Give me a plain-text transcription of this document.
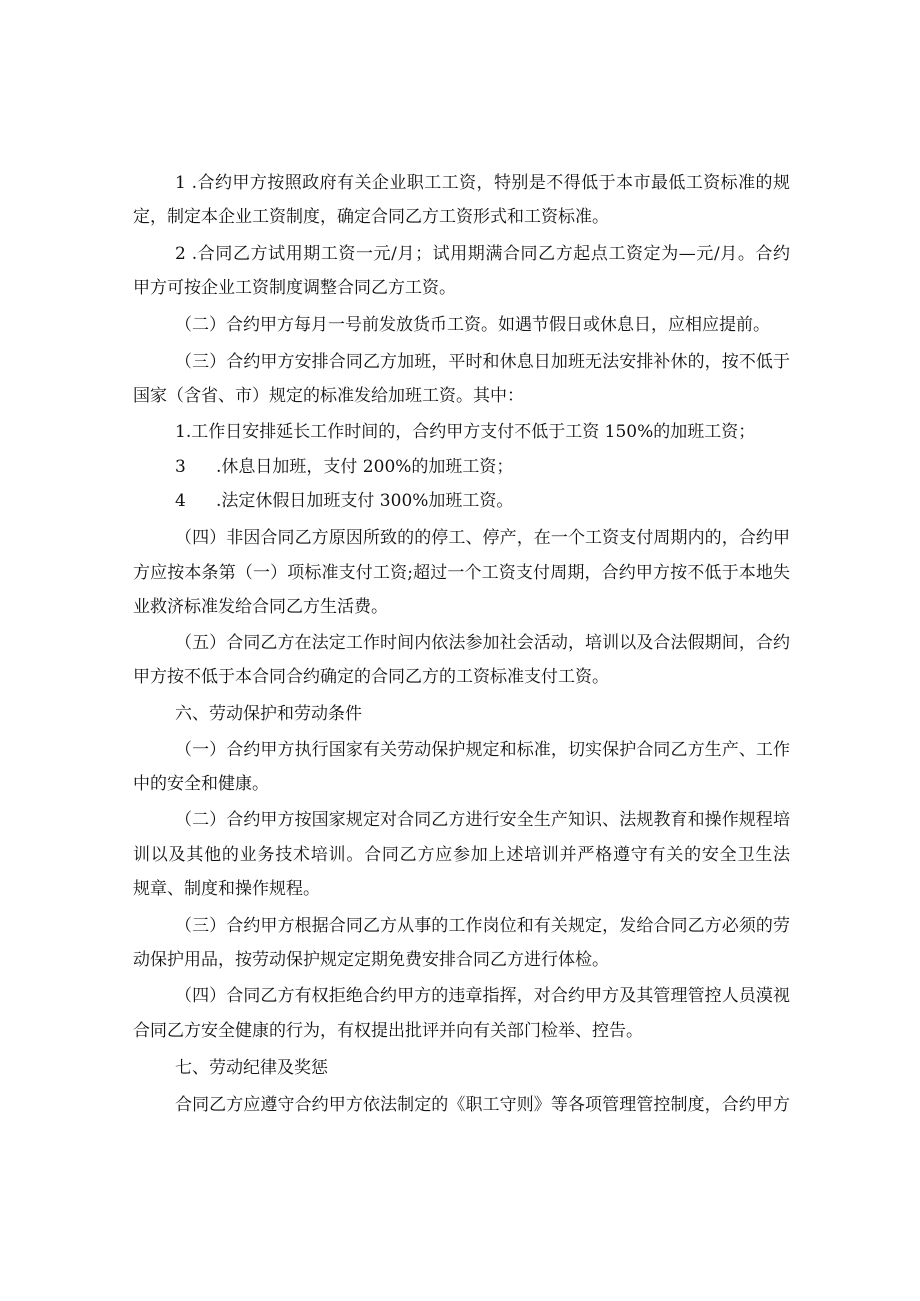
1 .合约甲方按照政府有关企业职工工资，特别是不得低于本市最低工资标准的规
定，制定本企业工资制度，确定合同乙方工资形式和工资标准。
2 .合同乙方试用期工资一元/月；试用期满合同乙方起点工资定为—元/月。合约
甲方可按企业工资制度调整合同乙方工资。
（二）合约甲方每月一号前发放货币工资。如遇节假日或休息日，应相应提前。
（三）合约甲方安排合同乙方加班，平时和休息日加班无法安排补休的，按不低于
国家（含省、市）规定的标准发给加班工资。其中：
1.工作日安排延长工作时间的，合约甲方支付不低于工资 150%的加班工资；
3 .休息日加班，支付 200%的加班工资；
4 .法定休假日加班支付 300%加班工资。
（四）非因合同乙方原因所致的的停工、停产，在一个工资支付周期内的，合约甲
方应按本条第（一）项标准支付工资;超过一个工资支付周期，合约甲方按不低于本地失
业救济标准发给合同乙方生活费。
（五）合同乙方在法定工作时间内依法参加社会活动，培训以及合法假期间，合约
甲方按不低于本合同合约确定的合同乙方的工资标准支付工资。
六、劳动保护和劳动条件
（一）合约甲方执行国家有关劳动保护规定和标准，切实保护合同乙方生产、工作
中的安全和健康。
（二）合约甲方按国家规定对合同乙方进行安全生产知识、法规教育和操作规程培
训以及其他的业务技术培训。合同乙方应参加上述培训并严格遵守有关的安全卫生法
规章、制度和操作规程。
（三）合约甲方根据合同乙方从事的工作岗位和有关规定，发给合同乙方必须的劳
动保护用品，按劳动保护规定定期免费安排合同乙方进行体检。
（四）合同乙方有权拒绝合约甲方的违章指挥，对合约甲方及其管理管控人员漠视
合同乙方安全健康的行为，有权提出批评并向有关部门检举、控告。
七、劳动纪律及奖惩
合同乙方应遵守合约甲方依法制定的《职工守则》等各项管理管控制度，合约甲方
